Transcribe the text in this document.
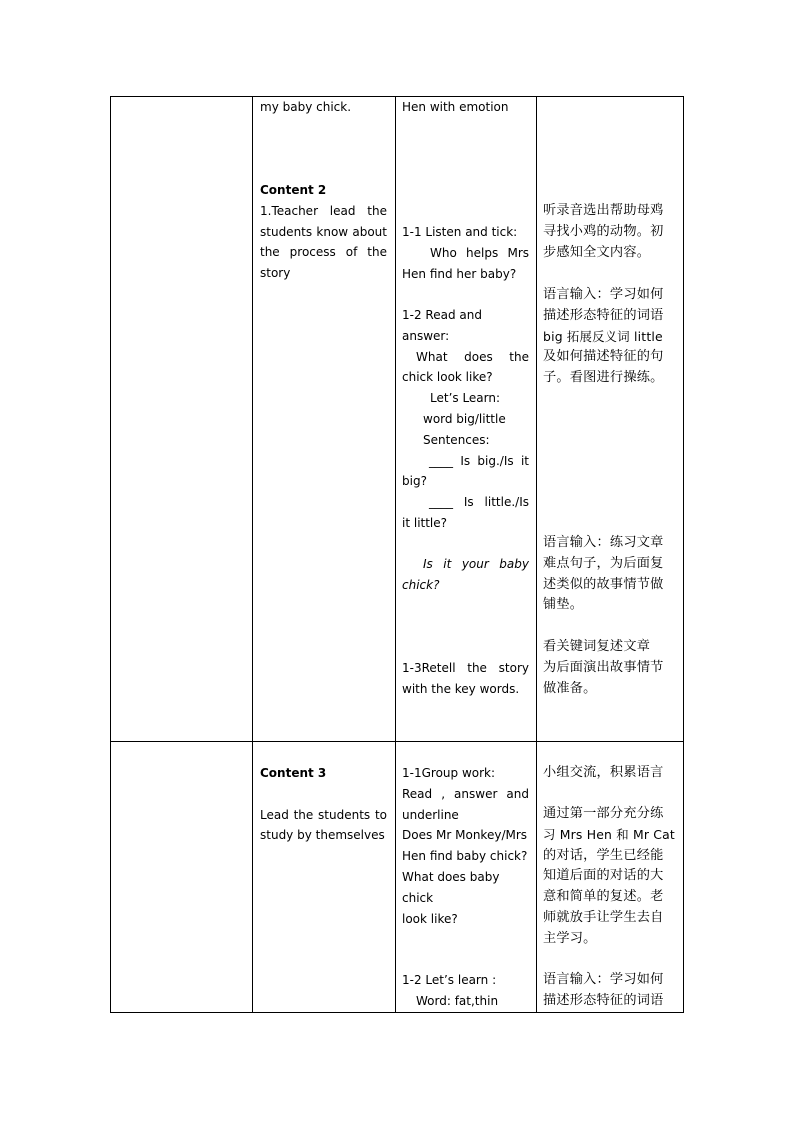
my baby chick.

Content 2

1.Teacher lead the

students know about

the process of the

story

Hen with emotion

1-1 Listen and tick:

Who helps Mrs

Hen find her baby?

1-2 Read and answer:

What does the

chick look like?

Let’s Learn:

word big/little

Sentences:

____ Is big./Is it

big?

____ Is little./Is

it little?

Is it your baby

chick?

1-3Retell the story

with the key words.

听录音选出帮助母鸡

寻找小鸡的动物。初

步感知全文内容。

语言输入：学习如何

描述形态特征的词语

big 拓展反义词 little

及如何描述特征的句

子。看图进行操练。

语言输入：练习文章

难点句子，为后面复

述类似的故事情节做

铺垫。

看关键词复述文章

为后面演出故事情节

做准备。

Content 3

Lead the students to

study by themselves

1-1Group work:

Read , answer and

underline

Does Mr Monkey/Mrs

Hen find baby chick?

What does baby chick

look like?

1-2 Let’s learn :

Word: fat,thin

小组交流，积累语言

通过第一部分充分练

习 Mrs Hen 和 Mr Cat

的对话，学生已经能

知道后面的对话的大

意和简单的复述。老

师就放手让学生去自

主学习。

语言输入：学习如何

描述形态特征的词语
